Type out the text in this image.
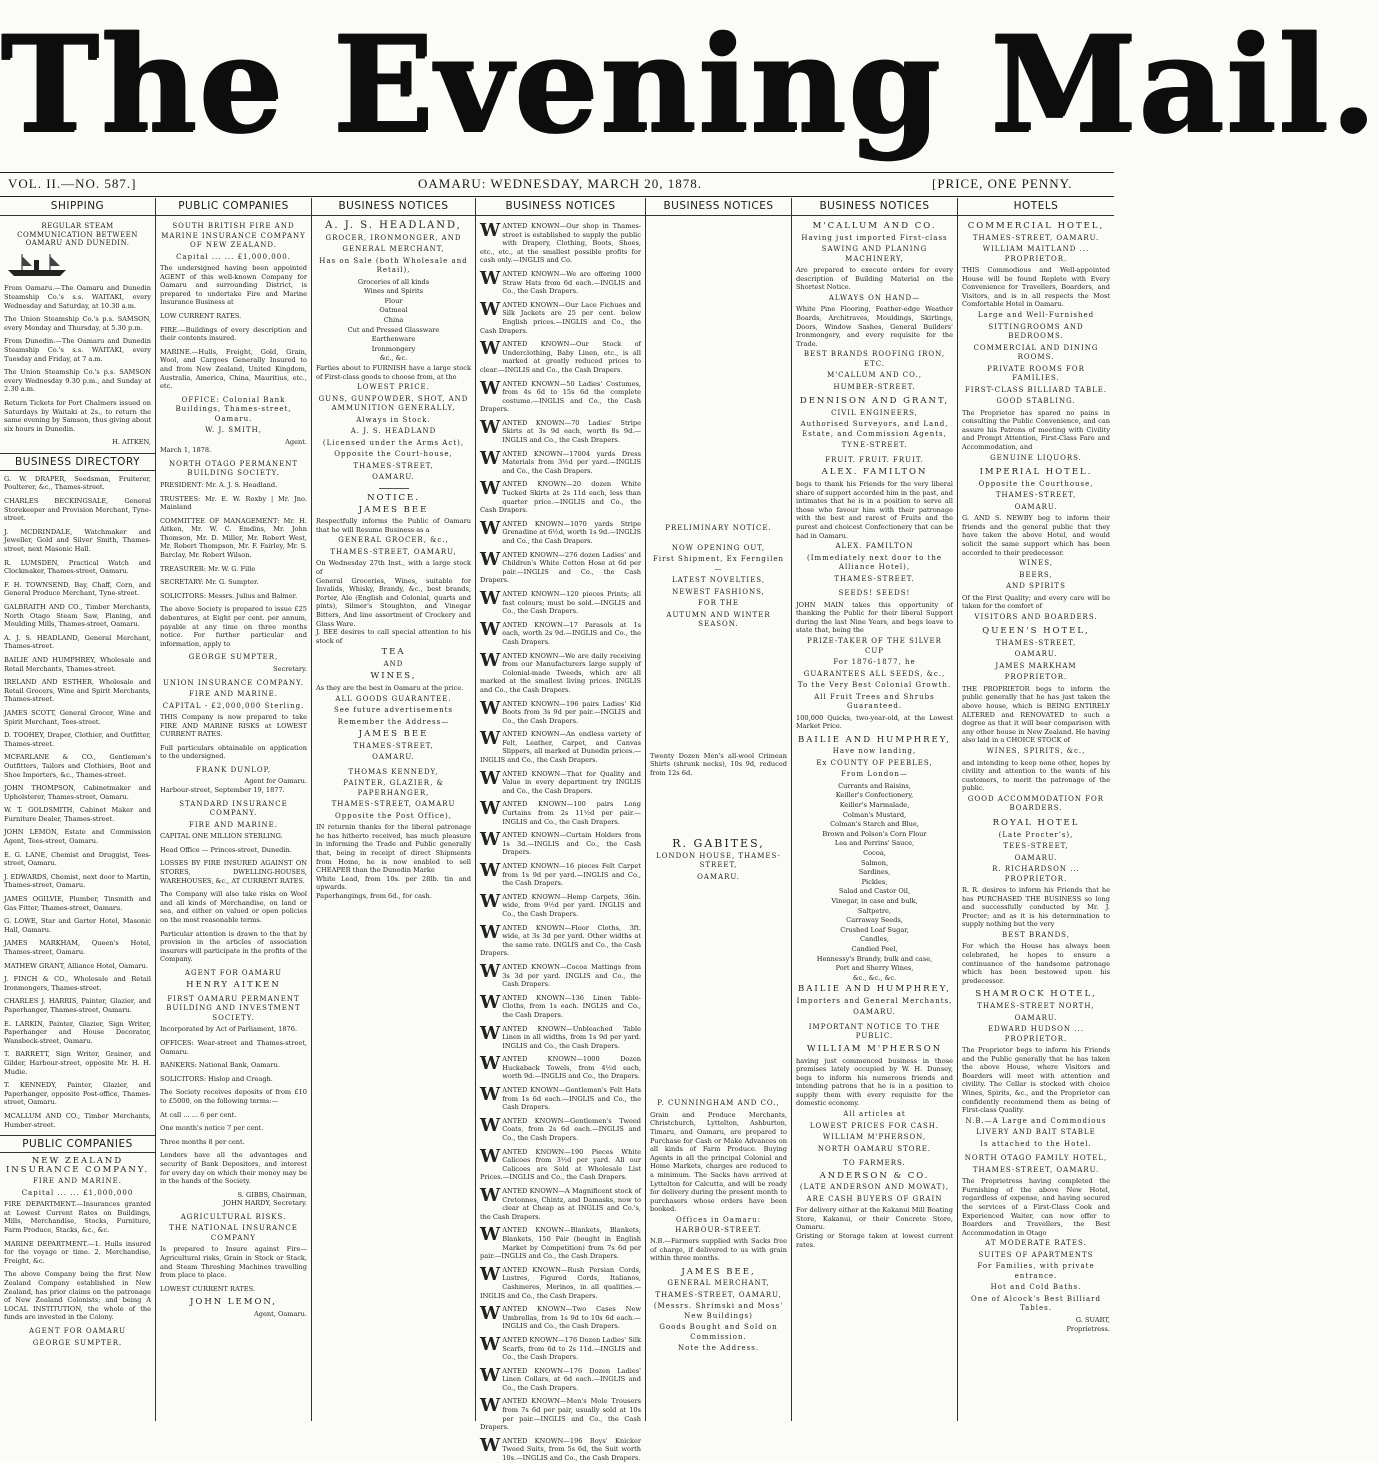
The Evening Mail.
VOL. II.—NO. 587.]	OAMARU: WEDNESDAY, MARCH 20, 1878.	[PRICE, ONE PENNY.
SHIPPING
REGULAR STEAM COMMUNICATION BETWEEN OAMARU AND DUNEDIN.
From Oamaru.—The Oamaru and Dunedin Steamship Co.'s s.s. WAITAKI, every Wednesday and Saturday, at 10.30 a.m.
The Union Steamship Co.'s p.s. SAMSON, every Monday and Thursday, at 5.30 p.m.
From Dunedin.—The Oamaru and Dunedin Steamship Co.'s s.s. WAITAKI, every Tuesday and Friday, at 7 a.m.
The Union Steamship Co.'s p.s. SAMSON every Wednesday 9.30 p.m., and Sunday at 2.30 a.m.
Return Tickets for Port Chalmers issued on Saturdays by Waitaki at 2s., to return the same evening by Samson, thus giving about six hours in Dunedin.
H. AITKEN,
BUSINESS DIRECTORY
G. W. DRAPER, Seedsman, Fruiterer, Poulterer, &c., Thames-street.
CHARLES BECKINGSALE, General Storekeeper and Provision Merchant, Tyne-street.
J. MCDRINDALE, Watchmaker and Jeweller, Gold and Silver Smith, Thames-street, next Masonic Hall.
R. LUMSDEN, Practical Watch and Clockmaker, Thames-street, Oamaru.
F. H. TOWNSEND, Bay, Chaff, Corn, and General Produce Merchant, Tyne-street.
GALBRAITH AND CO., Timber Merchants, North Otago Steam Saw, Planing, and Moulding Mills, Thames-street, Oamaru.
A. J. S. HEADLAND, General Merchant, Thames-street.
BAILIE AND HUMPHREY, Wholesale and Retail Merchants, Thames-street.
IRELAND AND ESTHER, Wholesale and Retail Grocers, Wine and Spirit Merchants, Thames-street.
JAMES SCOTT, General Grocer, Wine and Spirit Merchant, Tees-street.
D. TOOHEY, Draper, Clothier, and Outfitter, Thames-street.
MCFARLANE & CO., Gentlemen's Outfitters, Tailors and Clothiers, Boot and Shoe Importers, &c., Thames-street.
JOHN THOMPSON, Cabinetmaker and Upholsterer, Thames-street, Oamaru.
W. T. GOLDSMITH, Cabinet Maker and Furniture Dealer, Thames-street.
JOHN LEMON, Estate and Commission Agent, Tees-street, Oamaru.
E. G. LANE, Chemist and Druggist, Tees-street, Oamaru.
J. EDWARDS, Chemist, next door to Martin, Thames-street, Oamaru.
JAMES OGILVIE, Plumber, Tinsmith and Gas Fitter, Thames-street, Oamaru.
G. LOWE, Star and Garter Hotel, Masonic Hall, Oamaru.
JAMES MARKHAM, Queen's Hotel, Thames-street, Oamaru.
MATHEW GRANT, Alliance Hotel, Oamaru.
J. FINCH & CO., Wholesale and Retail Ironmongers, Thames-street.
CHARLES J. HARRIS, Painter, Glazier, and Paperhanger, Thames-street, Oamaru.
E. LARKIN, Painter, Glazier, Sign Writer, Paperhanger and House Decorator, Wansbeck-street, Oamaru.
T. BARRETT, Sign Writer, Grainer, and Gilder, Harbour-street, opposite Mr. H. H. Mudie.
T. KENNEDY, Painter, Glazier, and Paperhanger, opposite Post-office, Thames-street, Oamaru.
MCALLUM AND CO., Timber Merchants, Humber-street.
PUBLIC COMPANIES
NEW ZEALAND INSURANCE COMPANY.
FIRE AND MARINE.
Capital ... ... £1,000,000
FIRE DEPARTMENT.—Insurances granted at Lowest Current Rates on Buildings, Mills, Merchandise, Stocks, Furniture, Farm Produce, Stacks, &c., &c.
MARINE DEPARTMENT.—1. Hulls insured for the voyage or time. 2. Merchandise, Freight, &c.
The above Company being the first New Zealand Company established in New Zealand, has prior claims on the patronage of New Zealand Colonists; and being A LOCAL INSTITUTION, the whole of the funds are invested in the Colony.
AGENT FOR OAMARU
GEORGE SUMPTER.
PUBLIC COMPANIES
SOUTH BRITISH FIRE AND MARINE INSURANCE COMPANY OF NEW ZEALAND.
Capital ... ... £1,000,000.
The undersigned having been appointed AGENT of this well-known Company for Oamaru and surrounding District, is prepared to undertake Fire and Marine Insurance Business at
LOW CURRENT RATES.
FIRE.—Buildings of every description and their contents insured.
MARINE.—Hulls, Freight, Gold, Grain, Wool, and Cargoes Generally Insured to and from New Zealand, United Kingdom, Australia, America, China, Mauritius, etc., etc.
OFFICE: Colonial Bank Buildings, Thames-street, Oamaru.
W. J. SMITH,
Agent.
March 1, 1878.
NORTH OTAGO PERMANENT BUILDING SOCIETY.
PRESIDENT: Mr. A. J. S. Headland.
TRUSTEES: Mr. E. W. Roxby | Mr. Jno. Mainland
COMMITTEE OF MANAGEMENT: Mr. H. Aitken, Mr. W. C. Emdins, Mr. John Thomson, Mr. D. Miller, Mr. Robert West, Mr. Robert Thompson, Mr. F. Fairley, Mr. S. Barclay, Mr. Robert Wilson.
TREASURER: Mr. W. G. Fille
SECRETARY: Mr. G. Sumpter.
SOLICITORS: Messrs. Julius and Balmer.
The above Society is prepared to issue £25 debentures, at Eight per cent. per annum, payable at any time on three months notice. For further particular and information, apply to
GEORGE SUMPTER,
Secretary.
UNION INSURANCE COMPANY.
FIRE AND MARINE.
CAPITAL - £2,000,000 Sterling.
THIS Company is now prepared to take FIRE AND MARINE RISKS at LOWEST CURRENT RATES.
Full particulars obtainable on application to the undersigned.
FRANK DUNLOP,
Agent for Oamaru.
Harbour-street, September 19, 1877.
STANDARD INSURANCE COMPANY.
FIRE AND MARINE.
CAPITAL ONE MILLION STERLING.
Head Office — Princes-street, Dunedin.
LOSSES BY FIRE INSURED AGAINST ON STORES, DWELLING-HOUSES, WAREHOUSES, &c., AT CURRENT RATES.
The Company will also take risks on Wool and all kinds of Merchandise, on land or sea, and either on valued or open policies on the most reasonable terms.
Particular attention is drawn to the that by provision in the articles of association insurers will participate in the profits of the Company.
AGENT FOR OAMARU
HENRY AITKEN
FIRST OAMARU PERMANENT BUILDING AND INVESTMENT SOCIETY.
Incorporated by Act of Parliament, 1876.
OFFICES: Wear-street and Thames-street, Oamaru.
BANKERS: National Bank, Oamaru.
SOLICITORS: Hislop and Creagh.
The Society receives deposits of from £10 to £5000, on the following terms:—
At call ... ... 6 per cent.
One month's notice 7 per cent.
Three months 8 per cent.
Lenders have all the advantages and security of Bank Depositors, and interest for every day on which their money may be in the hands of the Society.
S. GIBBS, Chairman,
JOHN HARDY, Secretary.
AGRICULTURAL RISKS.
THE NATIONAL INSURANCE COMPANY
Is prepared to Insure against Fire— Agricultural risks, Grain in Stock or Stack, and Steam Threshing Machines travelling from place to place.
LOWEST CURRENT RATES.
JOHN LEMON,
Agent, Oamaru.
BUSINESS NOTICES
A. J. S. HEADLAND,
GROCER, IRONMONGER, AND
GENERAL MERCHANT,
Has on Sale (both Wholesale and Retail),
Groceries of all kinds
Wines and Spirits
Flour
Oatmeal
China
Cut and Pressed Glassware
Earthenware
Ironmongery
&c., &c.
Farties about to FURNISH have a large stock of First-class goods to choose from, at the
LOWEST PRICE.
GUNS, GUNPOWDER, SHOT, AND AMMUNITION GENERALLY,
Always in Stock.
A. J. S. HEADLAND
(Licensed under the Arms Act),
Opposite the Court-house,
THAMES-STREET,
OAMARU.
NOTICE.
JAMES BEE
Respectfully informs the Public of Oamaru that he will Resume Business as a
GENERAL GROCER, &c.,
THAMES-STREET, OAMARU,
On Wednesday 27th Inst., with a large stock of
General Groceries, Wines, suitable for Invalids, Whisky, Brandy, &c., best brands, Porter, Ale (English and Colonial, quarts and pints), Silmer's Stoughton, and Vinegar Bitters, And line assortment of Crockery and Glass Ware.
J. BEE desires to call special attention to his stock of
TEA
AND
WINES,
As they are the best in Oamaru at the price.
ALL GOODS GUARANTEE.
See future advertisements
Remember the Address—
JAMES BEE
THAMES-STREET,
OAMARU.
THOMAS KENNEDY,
PAINTER, GLAZIER, & PAPERHANGER,
THAMES-STREET, OAMARU
Opposite the Post Office),
IN returnin thanks for the liberal patronage he has hitherto received, has much pleasure in informing the Trade and Public generally that, being in receipt of direct Shipments from Home, he is now enabled to sell CHEAPER than the Dunedin Marke
White Lead, from 10s. per 28lb. tin and upwards.
Paperhangings, from 6d., for cash.
BUSINESS NOTICES
WANTED KNOWN—Our shop in Thames-street is established to supply the public with Drapery, Clothing, Boots, Shoes, etc., etc., at the smallest possible profits for cash only.—INGLIS and Co.
WANTED KNOWN—We are offering 1000 Straw Hats from 6d each.—INGLIS and Co., the Cash Drapers.
WANTED KNOWN—Our Lace Fichues and Silk Jackets are 25 per cent. below English prices.—INGLIS and Co., the Cash Drapers.
WANTED KNOWN—Our Stock of Underclothing, Baby Linen, etc., is all marked at greatly reduced prices to clear.—INGLIS and Co., the Cash Drapers.
WANTED KNOWN—50 Ladies' Costumes, from 4s 6d to 15s 6d the complete costume.—INGLIS and Co., the Cash Drapers.
WANTED KNOWN—70 Ladies' Stripe Skirts at 3s 9d each, worth 8s 9d.—INGLIS and Co., the Cash Drapers.
WANTED KNOWN—17004 yards Dress Materials from 3½d per yard.—INGLIS and Co., the Cash Drapers.
WANTED KNOWN—20 dozen White Tucked Skirts at 2s 11d each, less than quarter price.—INGLIS and Co., the Cash Drapers.
WANTED KNOWN—1070 yards Stripe Grenadine at 6½d, worth 1s 9d.—INGLIS and Co., the Cash Drapers.
WANTED KNOWN—276 dozen Ladies' and Children's White Cotton Hose at 6d per pair.—INGLIS and Co., the Cash Drapers.
WANTED KNOWN—120 pieces Prints; all fast colours; must be sold.—INGLIS and Co., the Cash Drapers.
WANTED KNOWN—17 Parasols at 1s each, worth 2s 9d.—INGLIS and Co., the Cash Drapers.
WANTED KNOWN—We are daily receiving from our Manufacturers large supply of Colonial-made Tweeds, which are all marked at the smallest living prices. INGLIS and Co., the Cash Drapers.
WANTED KNOWN—196 pairs Ladies' Kid Boots from 3s 9d per pair.—INGLIS and Co., the Cash Drapers.
WANTED KNOWN—An endless variety of Felt, Leather, Carpet, and Canvas Slippers, all marked at Dunedin prices.—INGLIS and Co., the Cash Drapers.
WANTED KNOWN—That for Quality and Value in every department try INGLIS and Co., the Cash Drapers.
WANTED KNOWN—100 pairs Long Curtains from 2s 11½d per pair.—INGLIS and Co., the Cash Drapers.
WANTED KNOWN—Curtain Holders from 1s 3d.—INGLIS and Co., the Cash Drapers.
WANTED KNOWN—16 pieces Felt Carpet from 1s 9d per yard.—INGLIS and Co., the Cash Drapers.
WANTED KNOWN—Hemp Carpets, 36in. wide, from 9½d per yard. INGLIS and Co., the Cash Drapers.
WANTED KNOWN—Floor Cloths, 3ft. wide, at 3s 3d per yard. Other widths at the same rate. INGLIS and Co., the Cash Drapers.
WANTED KNOWN—Cocoa Mattings from 3s 3d per yard. INGLIS and Co., the Cash Drapers.
WANTED KNOWN—136 Linen Table-Cloths, from 1s each. INGLIS and Co., the Cash Drapers.
WANTED KNOWN—Unbleached Table Linen in all widths, from 1s 9d per yard. INGLIS and Co., the Cash Drapers.
WANTED KNOWN—1000 Dozen Huckaback Towels, from 4½d each, worth 9d.—INGLIS and Co., the Drapers.
WANTED KNOWN—Gentlemen's Felt Hats from 1s 6d each.—INGLIS and Co., the Cash Drapers.
WANTED KNOWN—Gentlemen's Tweed Coats, from 2s 6d each.—INGLIS and Co., the Cash Drapers.
WANTED KNOWN—190 Pieces White Calicoes from 3½d per yard. All our Calicoes are Sold at Wholesale List Prices.—INGLIS and Co., the Cash Drapers.
WANTED KNOWN—A Magnificent stock of Cretonnes, Chintz, and Damasks, now to clear at Cheap as at INGLIS and Co.'s, the Cash Drapers.
WANTED KNOWN—Blankets, Blankets, Blankets, 150 Pair (bought in English Market by Competition) from 7s 6d per pair.—INGLIS and Co., the Cash Drapers.
WANTED KNOWN—Rush Persian Cords, Lustres, Figured Cords, Italianos, Cashmeres, Merinos, in all qualities.—INGLIS and Co., the Cash Drapers.
WANTED KNOWN—Two Cases New Umbrellas, from 1s 9d to 10s 6d each.—INGLIS and Co., the Cash Drapers.
WANTED KNOWN—176 Dozen Ladies' Silk Scarfs, from 6d to 2s 11d.—INGLIS and Co., the Cash Drapers.
WANTED KNOWN—176 Dozen Ladies' Linen Collars, at 6d each.—INGLIS and Co., the Cash Drapers.
WANTED KNOWN—Men's Mole Trousers from 7s 6d per pair, usually sold at 10s per pair.—INGLIS and Co., the Cash Drapers.
WANTED KNOWN—196 Boys' Knicker Tweed Suits, from 5s 6d, the Suit worth 10s.—INGLIS and Co., the Cash Drapers.
BUSINESS NOTICES
PRELIMINARY NOTICE.
NOW OPENING OUT,
First Shipment, Ex Ferngilen—
LATEST NOVELTIES,
NEWEST FASHIONS,
FOR THE
AUTUMN AND WINTER SEASON.
Twenty Dozen Men's all-wool Crimean Shirts (shrunk necks), 10s 9d, reduced from 12s 6d.
R. GABITES,
LONDON HOUSE, THAMES-STREET,
OAMARU.
P. CUNNINGHAM AND CO.,
Grain and Produce Merchants, Christchurch, Lyttelton, Ashburton, Timaru, and Oamaru, are prepared to Purchase for Cash or Make Advances on all kinds of Farm Produce. Buying Agents in all the principal Colonial and Home Markets, charges are reduced to a minimum. The Sacks have arrived at Lyttelton for Calcutta, and will be ready for delivery during the present month to purchasers whose orders have been booked.
Offices in Oamaru: HARBOUR-STREET.
N.B.—Farmers supplied with Sacks free of charge, if delivered to us with grain within three months.
JAMES BEE,
GENERAL MERCHANT,
THAMES-STREET, OAMARU,
(Messrs. Shrimski and Moss' New Buildings)
Goods Bought and Sold on Commission.
Note the Address.
BUSINESS NOTICES
M'CALLUM AND CO.
Having just imported First-class
SAWING AND PLANING MACHINERY,
Are prepared to execute orders for every description of Building Material on the Shortest Notice.
ALWAYS ON HAND—
White Pine Flooring, Feather-edge Weather Boards, Architraves, Mouldings, Skirtings, Doors, Window Sashes, General Builders' Ironmongery, and every requisite for the Trade.
BEST BRANDS ROOFING IRON, ETC.
M'CALLUM AND CO.,
HUMBER-STREET.
DENNISON AND GRANT,
CIVIL ENGINEERS,
Authorised Surveyors, and Land, Estate, and Commission Agents,
TYNE-STREET.
FRUIT. FRUIT. FRUIT.
ALEX. FAMILTON
begs to thank his Friends for the very liberal share of support accorded him in the past, and intimates that he is in a position to serve all those who favour him with their patronage with the best and rarest of Fruits and the purest and choicest Confectionery that can be had in Oamaru.
ALEX. FAMILTON
(Immediately next door to the Alliance Hotel),
THAMES-STREET.
SEEDS! SEEDS!
JOHN MAIN takes this opportunity of thanking the Public for their liberal Support during the last Nine Years, and begs leave to state that, being the
PRIZE-TAKER OF THE SILVER CUP
For 1876-1877, he
GUARANTEES ALL SEEDS, &c.,
To the Very Best Colonial Growth.
All Fruit Trees and Shrubs Guaranteed.
100,000 Quicks, two-year-old, at the Lowest Market Price.
BAILIE AND HUMPHREY,
Have now landing,
Ex COUNTY OF PEEBLES,
From London—
Currants and Raisins,
Keiller's Confectionery,
Keiller's Marmalade,
Colman's Mustard,
Colman's Starch and Blue,
Brown and Polson's Corn Flour
Lea and Perrins' Sauce,
Cocoa,
Salmon,
Sardines,
Pickles,
Salad and Castor Oil,
Vinegar, in case and bulk,
Saltpetre,
Carraway Seeds,
Crushed Loaf Sugar,
Candles,
Candied Peel,
Hennessy's Brandy, bulk and case,
Port and Sherry Wines,
&c., &c., &c.
BAILIE AND HUMPHREY,
Importers and General Merchants,
OAMARU.
IMPORTANT NOTICE TO THE PUBLIC.
WILLIAM M'PHERSON
having just commenced business in those premises lately occupied by W. H. Dunsey, begs to inform his numerous friends and intending patrons that he is in a position to supply them with every requisite for the domestic economy.
All articles at
LOWEST PRICES FOR CASH.
WILLIAM M'PHERSON,
NORTH OAMARU STORE.
TO FARMERS.
ANDERSON & CO.
(LATE ANDERSON AND MOWAT),
ARE CASH BUYERS OF GRAIN
For delivery either at the Kakanui Mill Boating Store, Kakanui, or their Concrete Store, Oamaru.
Gristing or Storage taken at lowest current rates.
HOTELS
COMMERCIAL HOTEL,
THAMES-STREET, OAMARU.
WILLIAM MAITLAND ... PROPRIETOR.
THIS Commodious and Well-appointed House will be found Replete with Every Convenience for Travellers, Boarders, and Visitors, and is in all respects the Most Comfortable Hotel in Oamaru.
Large and Well-Furnished
SITTINGROOMS AND BEDROOMS.
COMMERCIAL AND DINING ROOMS.
PRIVATE ROOMS FOR FAMILIES.
FIRST-CLASS BILLIARD TABLE.
GOOD STABLING.
The Proprietor has spared no pains in consulting the Public Convenience, and can assure his Patrons of meeting with Civility and Prompt Attention, First-Class Fare and Accommodation, and
GENUINE LIQUORS.
IMPERIAL HOTEL.
Opposite the Courthouse,
THAMES-STREET,
OAMARU.
G. AND S. NEWBY beg to inform their friends and the general public that they have taken the above Hotel, and would solicit the same support which has been accorded to their predecessor.
WINES,
BEERS,
AND SPIRITS
Of the First Quality; and every care will be taken for the comfort of
VISITORS AND BOARDERS.
QUEEN'S HOTEL,
THAMES-STREET,
OAMARU.
JAMES MARKHAM
PROPRIETOR.
THE PROPRIETOR begs to inform the public generally that he has just taken the above house, which is BEING ENTIRELY ALTERED and RENOVATED to such a degree as that it will bear comparison with any other house in New Zealand. He having also laid in a CHOICE STOCK of
WINES, SPIRITS, &c.,
and intending to keep none other, hopes by civility and attention to the wants of his customers, to merit the patronage of the public.
GOOD ACCOMMODATION FOR BOARDERS.
ROYAL HOTEL
(Late Procter's),
TEES-STREET,
OAMARU.
R. RICHARDSON ... PROPRIETOR.
R. R. desires to inform his Friends that he has PURCHASED THE BUSINESS so long and successfully conducted by Mr. J. Procter; and as it is his determination to supply nothing but the very
BEST BRANDS,
For which the House has always been celebrated, he hopes to ensure a continuance of the handsome patronage which has been bestowed upon his predecessor.
SHAMROCK HOTEL,
THAMES-STREET NORTH,
OAMARU.
EDWARD HUDSON ... PROPRIETOR.
The Proprietor begs to inform his Friends and the Public generally that he has taken the above House, where Visitors and Boarders will meet with attention and civility. The Cellar is stocked with choice Wines, Spirits, &c., and the Proprietor can confidently recommend them as being of First-class Quality.
N.B.—A Large and Commodious
LIVERY AND BAIT STABLE
Is attached to the Hotel.
NORTH OTAGO FAMILY HOTEL,
THAMES-STREET, OAMARU.
The Proprietress having completed the Furnishing of the above New Hotel, regardless of expense, and having secured the services of a First-Class Cook and Experienced Waiter, can now offer to Boarders and Travellers, the Best Accommodation in Otago
AT MODERATE RATES.
SUITES OF APARTMENTS
For Families, with private entrance.
Hot and Cold Baths.
One of Alcock's Best Billiard Tables.
G. SUART,
Proprietress.
